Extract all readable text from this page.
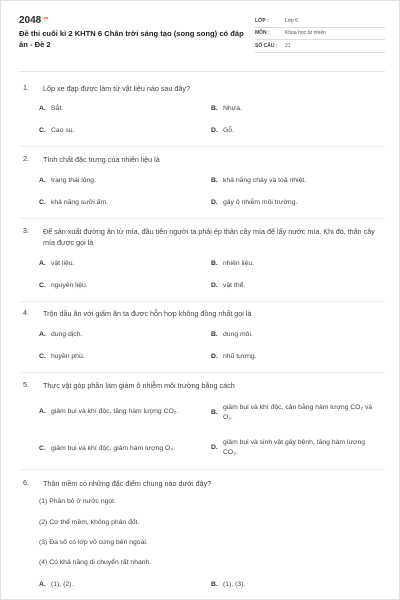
$2048^{.vn}$
Đề thi cuối kì 2 KHTN 6 Chân trời sáng tạo (song song) có đáp án - Đề 2
LỚP :	Lớp 6
MÔN :	Khoa học tự nhiên
SỐ CÂU :	21
1.	Lốp xe đạp được làm từ vật liệu nào sau đây?
A. Sắt.	B. Nhựa.
C. Cao su.	D. Gỗ.
2.	Tính chất đặc trưng của nhiên liệu là
A. trạng thái lỏng.	B. khả năng cháy và toả nhiệt.
C. khả năng sưởi ấm.	D. gây ô nhiễm môi trường.
3.	Để sản xuất đường ăn từ mía, đầu tiên người ta phải ép thân cây mía để lấy nước mía. Khi đó, thân cây mía được gọi là
A. vật liệu.	B. nhiên liệu.
C. nguyên liệu.	D. vật thể.
4.	Trộn dầu ăn với giấm ăn ta được hỗn hợp không đồng nhất gọi là
A. dung dịch.	B. dung môi.
C. huyền phù.	D. nhũ tương.
5.	Thực vật góp phần làm giảm ô nhiễm môi trường bằng cách
A. giảm bụi và khí độc, tăng hàm lượng CO₂.	B.
giảm bụi và khí độc, cân bằng hàm lượng CO₂ và O₂.
C. giảm bụi và khí độc, giảm hàm lượng O₂.	D.
giảm bụi và sinh vật gây bệnh, tăng hàm lượng CO₂.
6.	Thân mềm có những đặc điểm chung nào dưới đây?
(1) Phần bỏ ở nước ngọt.
(2) Cơ thể mềm, không phân đốt.
(3) Đa số có lớp vỏ cứng bên ngoài.
(4) Có khả năng di chuyển rất nhanh.
A. (1), (2).	B. (1), (3).
